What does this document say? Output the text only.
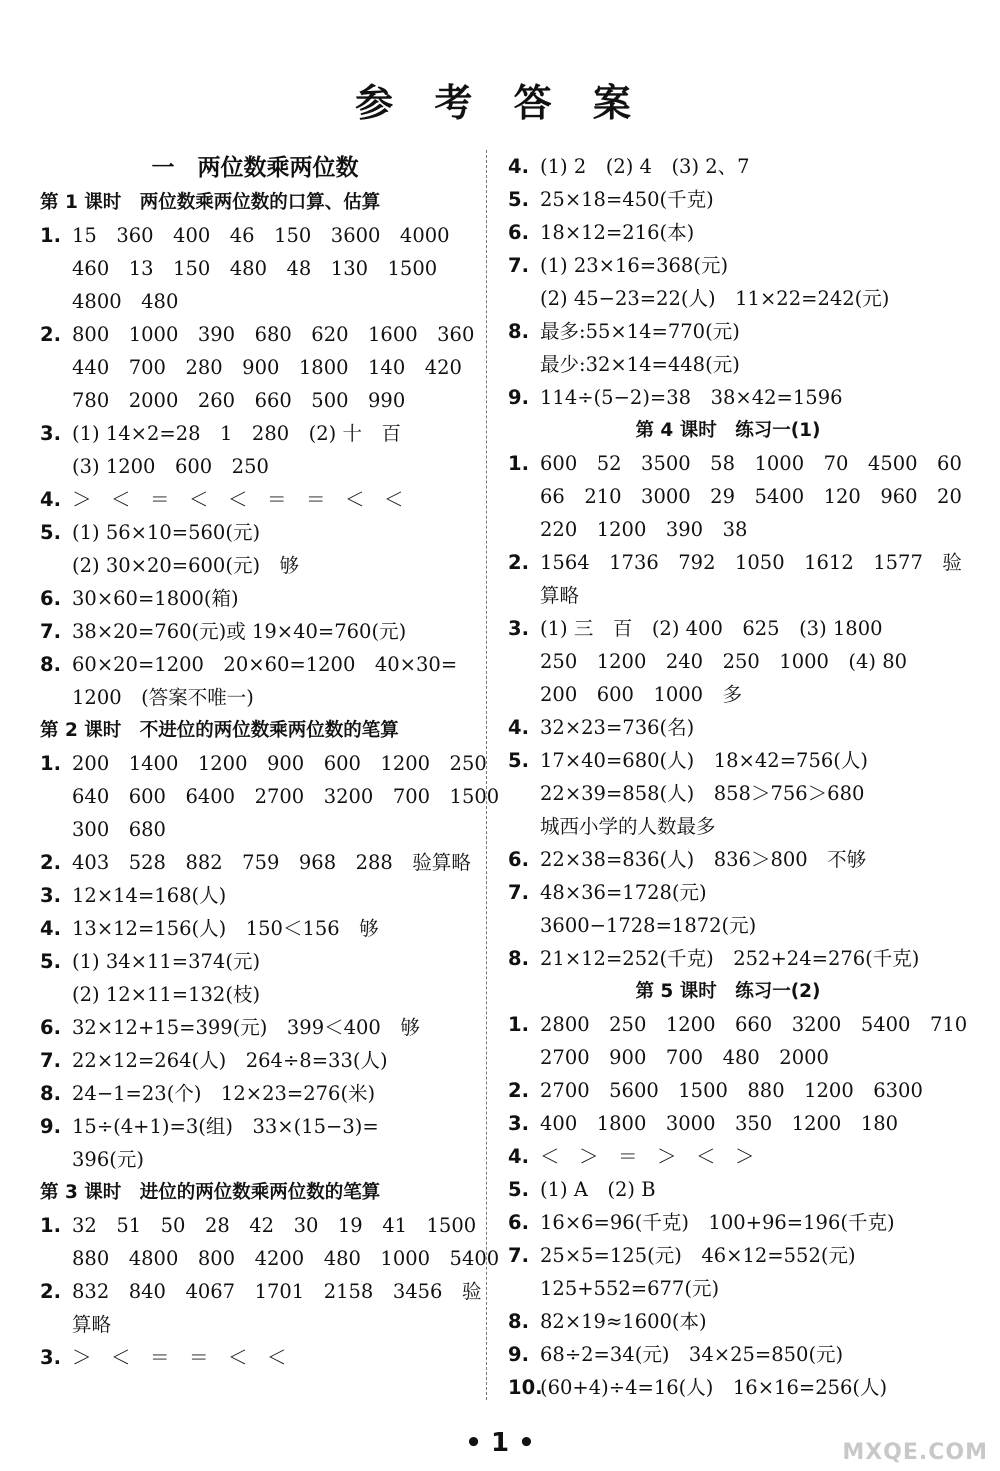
参 考 答 案
一　两位数乘两位数
第 1 课时　两位数乘两位数的口算、估算
1. 15　360　400　46　150　3600　4000
460　13　150　480　48　130　1500
4800　480
2. 800　1000　390　680　620　1600　360
440　700　280　900　1800　140　420
780　2000　260　660　500　990
3. (1) 14×2=28　1　280　(2) 十　百
(3) 1200　600　250
4. ＞　＜　＝　＜　＜　＝　＝　＜　＜
5. (1) 56×10=560(元)
(2) 30×20=600(元)　够
6. 30×60=1800(箱)
7. 38×20=760(元)或 19×40=760(元)
8. 60×20=1200　20×60=1200　40×30=
1200　(答案不唯一)
第 2 课时　不进位的两位数乘两位数的笔算
1. 200　1400　1200　900　600　1200　250
640　600　6400　2700　3200　700　1500
300　680
2. 403　528　882　759　968　288　验算略
3. 12×14=168(人)
4. 13×12=156(人)　150＜156　够
5. (1) 34×11=374(元)
(2) 12×11=132(枝)
6. 32×12+15=399(元)　399＜400　够
7. 22×12=264(人)　264÷8=33(人)
8. 24−1=23(个)　12×23=276(米)
9. 15÷(4+1)=3(组)　33×(15−3)=
396(元)
第 3 课时　进位的两位数乘两位数的笔算
1. 32　51　50　28　42　30　19　41　1500
880　4800　800　4200　480　1000　5400
2. 832　840　4067　1701　2158　3456　验
算略
3. ＞　＜　＝　＝　＜　＜
4. (1) 2　(2) 4　(3) 2、7
5. 25×18=450(千克)
6. 18×12=216(本)
7. (1) 23×16=368(元)
(2) 45−23=22(人)　11×22=242(元)
8. 最多:55×14=770(元)
最少:32×14=448(元)
9. 114÷(5−2)=38　38×42=1596
第 4 课时　练习一(1)
1. 600　52　3500　58　1000　70　4500　60
66　210　3000　29　5400　120　960　20
220　1200　390　38
2. 1564　1736　792　1050　1612　1577　验
算略
3. (1) 三　百　(2) 400　625　(3) 1800
250　1200　240　250　1000　(4) 80
200　600　1000　多
4. 32×23=736(名)
5. 17×40=680(人)　18×42=756(人)
22×39=858(人)　858＞756＞680
城西小学的人数最多
6. 22×38=836(人)　836＞800　不够
7. 48×36=1728(元)
3600−1728=1872(元)
8. 21×12=252(千克)　252+24=276(千克)
第 5 课时　练习一(2)
1. 2800　250　1200　660　3200　5400　710
2700　900　700　480　2000
2. 2700　5600　1500　880　1200　6300
3. 400　1800　3000　350　1200　180
4. ＜　＞　＝　＞　＜　＞
5. (1) A　(2) B
6. 16×6=96(千克)　100+96=196(千克)
7. 25×5=125(元)　46×12=552(元)
125+552=677(元)
8. 82×19≈1600(本)
9. 68÷2=34(元)　34×25=850(元)
10.
(60+4)÷4=16(人)　16×16=256(人)
• 1 •	MXQE.COM
